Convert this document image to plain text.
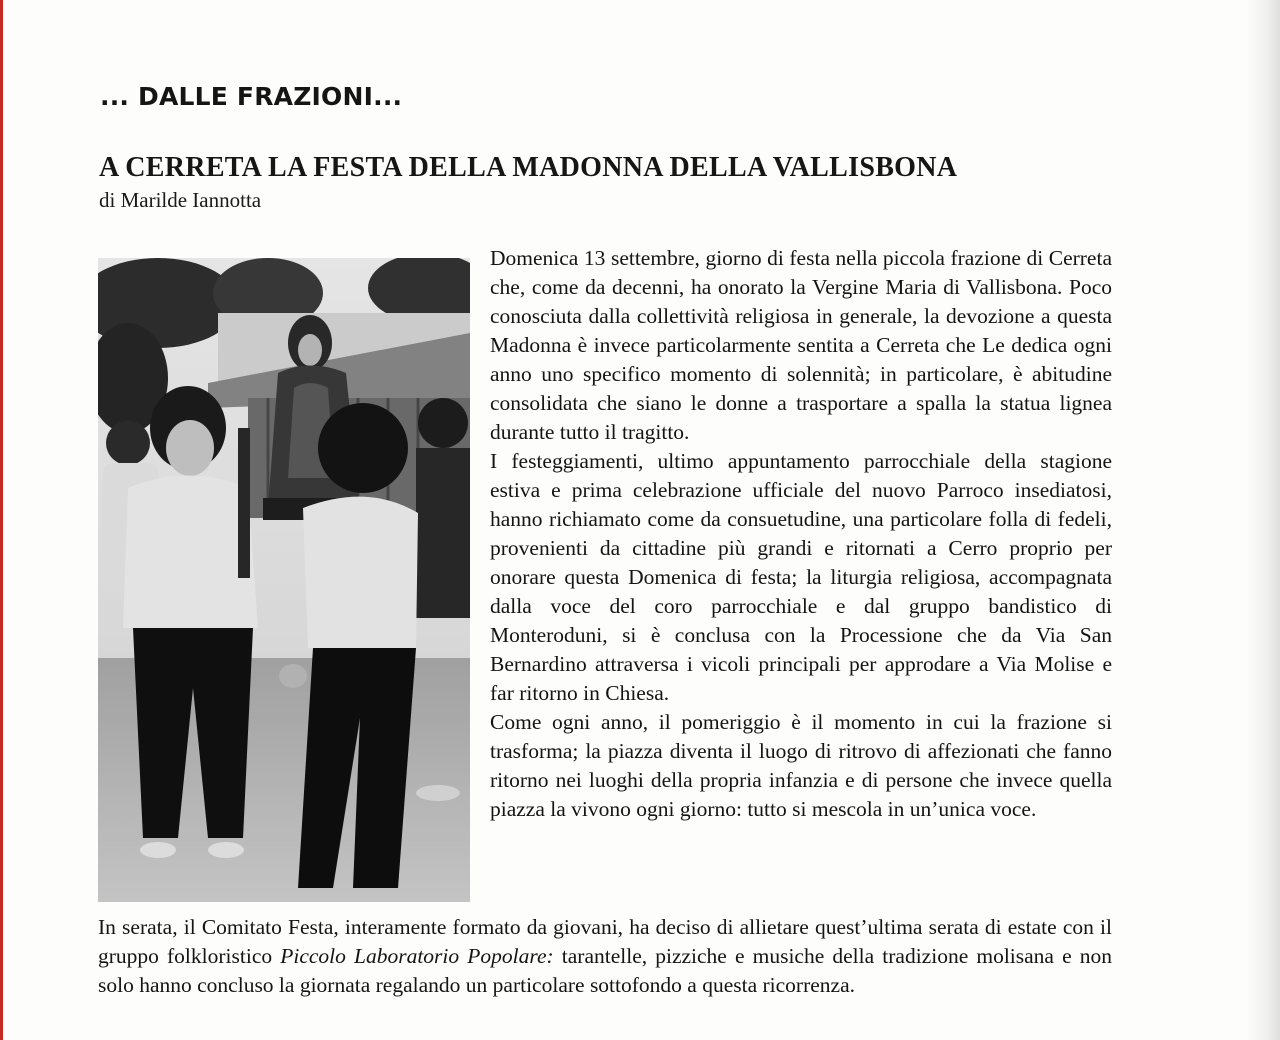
... DALLE FRAZIONI...
A CERRETA LA FESTA DELLA MADONNA DELLA VALLISBONA
di Marilde Iannotta

Domenica 13 settembre, giorno di festa nella piccola frazione di Cerreta che, come da decenni, ha onorato la Vergine Maria di Vallisbona. Poco conosciuta dalla collettività religiosa in generale, la devozione a questa Madonna è invece particolarmente sentita a Cerreta che Le dedica ogni anno uno specifico momento di solennità; in particolare, è abitudine consolidata che siano le donne a trasportare a spalla la statua lignea durante tutto il tragitto.

I festeggiamenti, ultimo appuntamento parrocchiale della stagione estiva e prima celebrazione ufficiale del nuovo Parroco insediatosi, hanno richiamato come da consuetudine, una particolare folla di fedeli, provenienti da cittadine più grandi e ritornati a Cerro proprio per onorare questa Domenica di festa; la liturgia religiosa, accompagnata dalla voce del coro parrocchiale e dal gruppo bandistico di Monteroduni, si è conclusa con la Processione che da Via San Bernardino attraversa i vicoli principali per approdare a Via Molise e far ritorno in Chiesa.

Come ogni anno, il pomeriggio è il momento in cui la frazione si trasforma; la piazza diventa il luogo di ritrovo di affezionati che fanno ritorno nei luoghi della propria infanzia e di persone che invece quella piazza la vivono ogni giorno: tutto si mescola in un’unica voce.

In serata, il Comitato Festa, interamente formato da giovani, ha deciso di allietare quest’ultima serata di estate con il gruppo folkloristico Piccolo Laboratorio Popolare: tarantelle, pizziche e musiche della tradizione molisana e non solo hanno concluso la giornata regalando un particolare sottofondo a questa ricorrenza.
